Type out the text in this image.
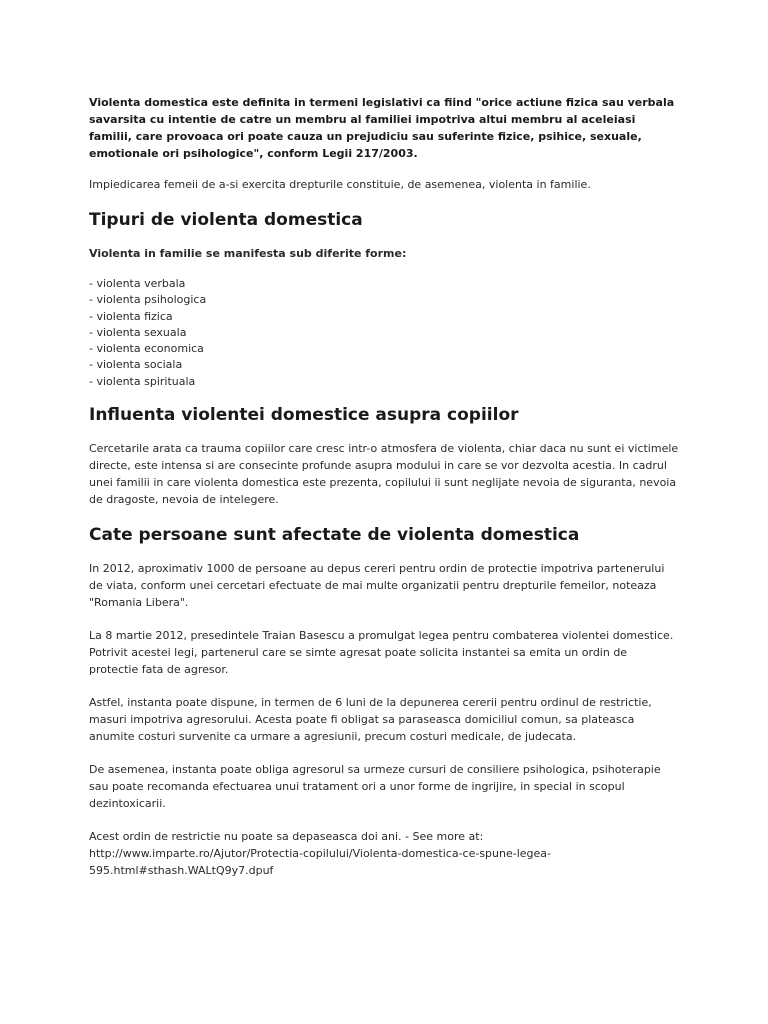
Violenta domestica este definita in termeni legislativi ca fiind "orice actiune fizica sau verbala savarsita cu intentie de catre un membru al familiei impotriva altui membru al aceleiasi familii, care provoaca ori poate cauza un prejudiciu sau suferinte fizice, psihice, sexuale, emotionale ori psihologice", conform Legii 217/2003.

Impiedicarea femeii de a-si exercita drepturile constituie, de asemenea, violenta in familie.

Tipuri de violenta domestica

Violenta in familie se manifesta sub diferite forme:

- violenta verbala
- violenta psihologica
- violenta fizica
- violenta sexuala
- violenta economica
- violenta sociala
- violenta spirituala
Influenta violentei domestice asupra copiilor

Cercetarile arata ca trauma copiilor care cresc intr-o atmosfera de violenta, chiar daca nu sunt ei victimele directe, este intensa si are consecinte profunde asupra modului in care se vor dezvolta acestia. In cadrul unei familii in care violenta domestica este prezenta, copilului ii sunt neglijate nevoia de siguranta, nevoia de dragoste, nevoia de intelegere.

Cate persoane sunt afectate de violenta domestica

In 2012, aproximativ 1000 de persoane au depus cereri pentru ordin de protectie impotriva partenerului de viata, conform unei cercetari efectuate de mai multe organizatii pentru drepturile femeilor, noteaza "Romania Libera".

La 8 martie 2012, presedintele Traian Basescu a promulgat legea pentru combaterea violentei domestice. Potrivit acestei legi, partenerul care se simte agresat poate solicita instantei sa emita un ordin de protectie fata de agresor.

Astfel, instanta poate dispune, in termen de 6 luni de la depunerea cererii pentru ordinul de restrictie, masuri impotriva agresorului. Acesta poate fi obligat sa paraseasca domiciliul comun, sa plateasca anumite costuri survenite ca urmare a agresiunii, precum costuri medicale, de judecata.

De asemenea, instanta poate obliga agresorul sa urmeze cursuri de consiliere psihologica, psihoterapie sau poate recomanda efectuarea unui tratament ori a unor forme de ingrijire, in special in scopul dezintoxicarii.

Acest ordin de restrictie nu poate sa depaseasca doi ani. - See more at: http://www.imparte.ro/Ajutor/Protectia-copilului/Violenta-domestica-ce-spune-legea-595.html#sthash.WALtQ9y7.dpuf
